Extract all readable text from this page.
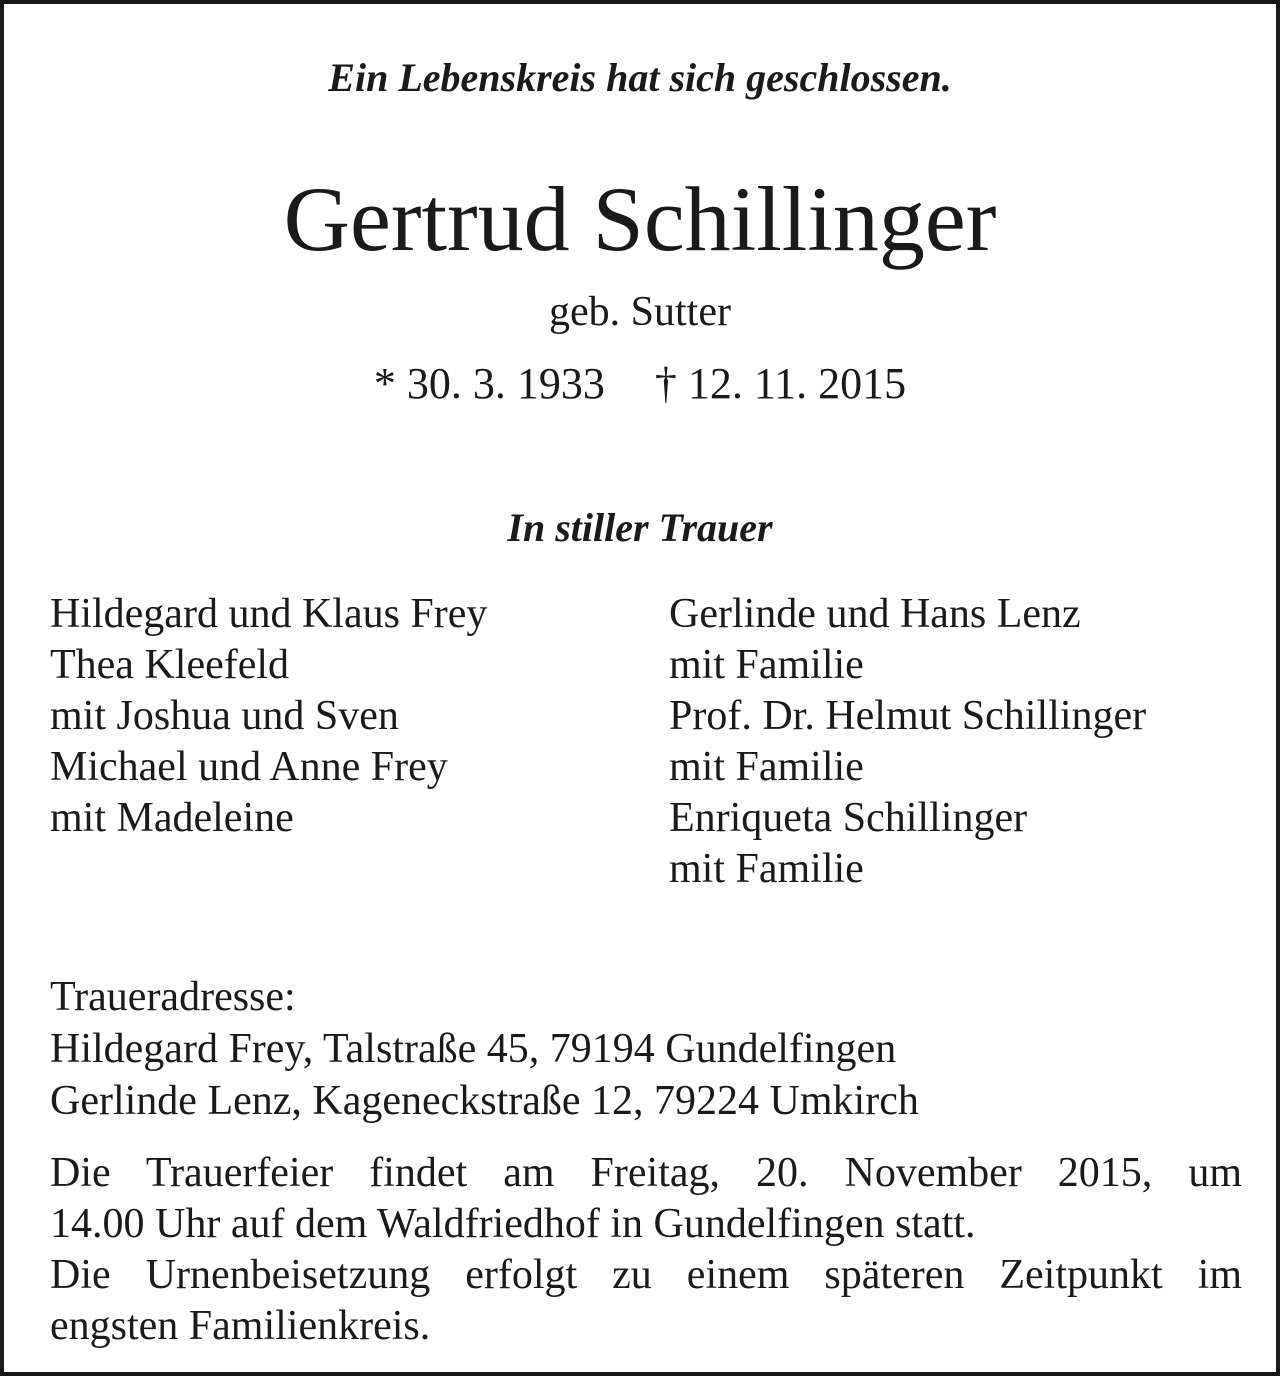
Ein Lebenskreis hat sich geschlossen.

Gertrud Schillinger

geb. Sutter

* 30. 3. 1933 † 12. 11. 2015

In stiller Trauer

Hildegard und Klaus Frey
Thea Kleefeld
mit Joshua und Sven
Michael und Anne Frey
mit Madeleine
Gerlinde und Hans Lenz
mit Familie
Prof. Dr. Helmut Schillinger
mit Familie
Enriqueta Schillinger
mit Familie
Traueradresse:
Hildegard Frey, Talstraße 45, 79194 Gundelfingen
Gerlinde Lenz, Kageneckstraße 12, 79224 Umkirch
Die Trauerfeier findet am Freitag, 20. November 2015, um
14.00 Uhr auf dem Waldfriedhof in Gundelfingen statt.
Die Urnenbeisetzung erfolgt zu einem späteren Zeitpunkt im
engsten Familienkreis.
